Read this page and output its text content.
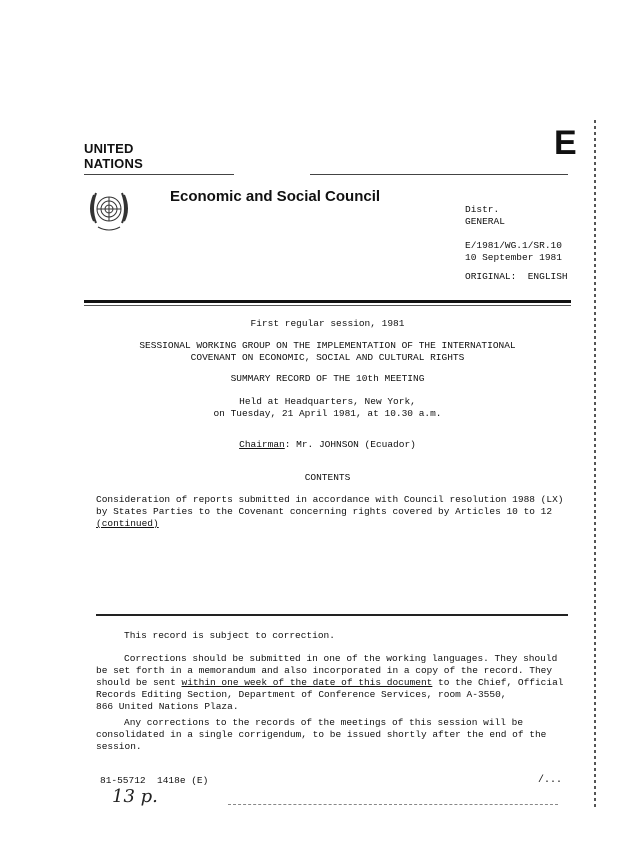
UNITED
NATIONS
E
Economic and Social Council
Distr.
GENERAL
E/1981/WG.1/SR.10
10 September 1981
ORIGINAL:  ENGLISH
First regular session, 1981
SESSIONAL WORKING GROUP ON THE IMPLEMENTATION OF THE INTERNATIONAL
COVENANT ON ECONOMIC, SOCIAL AND CULTURAL RIGHTS
SUMMARY RECORD OF THE 10th MEETING
Held at Headquarters, New York,
on Tuesday, 21 April 1981, at 10.30 a.m.
Chairman: Mr. JOHNSON (Ecuador)
CONTENTS
Consideration of reports submitted in accordance with Council resolution 1988 (LX)
by States Parties to the Covenant concerning rights covered by Articles 10 to 12
(continued)
This record is subject to correction.
Corrections should be submitted in one of the working languages. They should
be set forth in a memorandum and also incorporated in a copy of the record. They
should be sent within one week of the date of this document to the Chief, Official
Records Editing Section, Department of Conference Services, room A-3550,
866 United Nations Plaza.
Any corrections to the records of the meetings of this session will be
consolidated in a single corrigendum, to be issued shortly after the end of the
session.
81-55712  1418e (E)	/...
13 p.
